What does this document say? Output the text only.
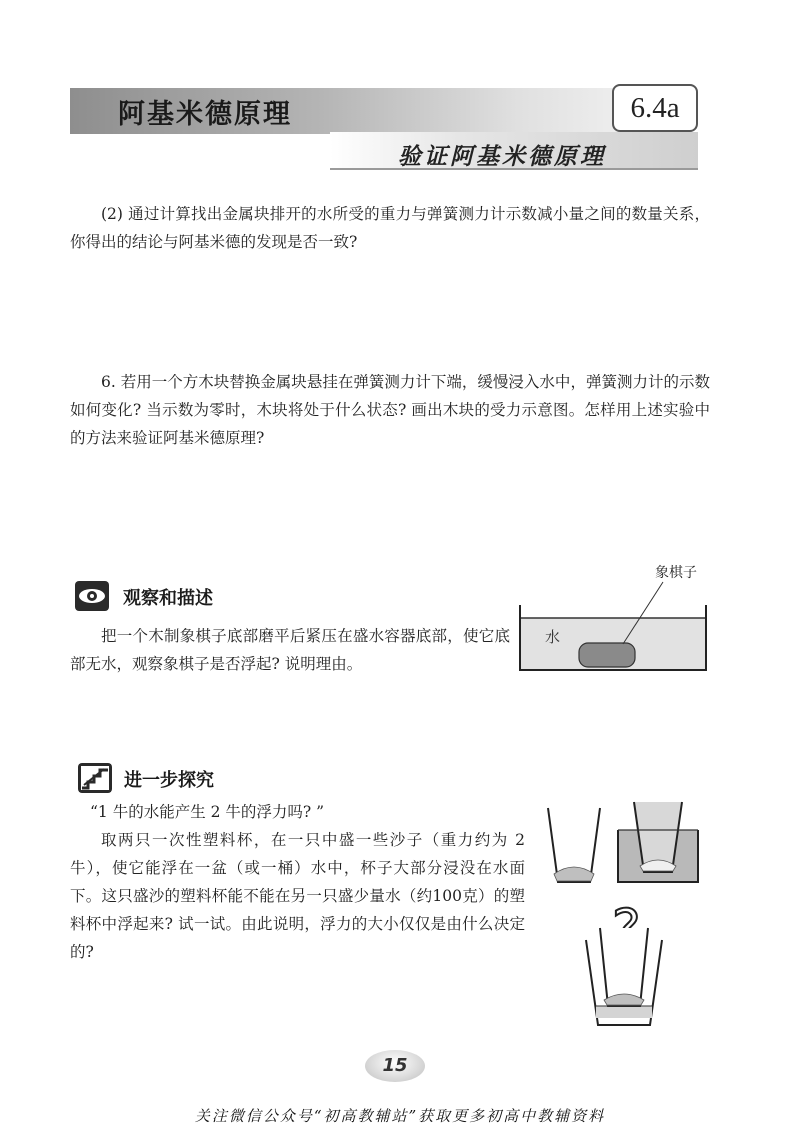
阿基米德原理	6.4a
验证阿基米德原理
(2) 通过计算找出金属块排开的水所受的重力与弹簧测力计示数减小量之间的数量关系，你得出的结论与阿基米德的发现是否一致?
6. 若用一个方木块替换金属块悬挂在弹簧测力计下端，缓慢浸入水中，弹簧测力计的示数如何变化? 当示数为零时，木块将处于什么状态? 画出木块的受力示意图。怎样用上述实验中的方法来验证阿基米德原理?
观察和描述
把一个木制象棋子底部磨平后紧压在盛水容器底部，使它底部无水，观察象棋子是否浮起? 说明理由。
象棋子
水
进一步探究
“1 牛的水能产生 2 牛的浮力吗? ”
取两只一次性塑料杯，在一只中盛一些沙子（重力约为 2 牛），使它能浮在一盆（或一桶）水中，杯子大部分浸没在水面下。这只盛沙的塑料杯能不能在另一只盛少量水（约100克）的塑料杯中浮起来? 试一试。由此说明，浮力的大小仅仅是由什么决定的?
15
关注微信公众号“初高教辅站”获取更多初高中教辅资料
